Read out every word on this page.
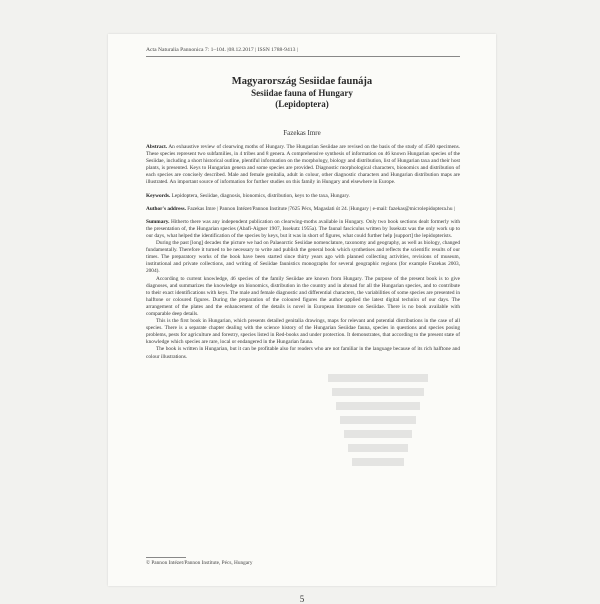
Acta Naturalia Pannonica 7: 1–104. |08.12.2017 | ISSN 1788-9413 |
Magyarország Sesiidae faunája
Sesiidae fauna of Hungary
(Lepidoptera)
Fazekas Imre

Abstract. An exhaustive review of clearwing moths of Hungary. The Hungarian Sesiidae are revised on the basis of the study of 4500 specimens. These species represent two subfamilies, in 4 tribes and 8 genera. A comprehensive synthesis of information on 46 known Hungarian species of the Sesiidae, including a short historical outline, plentiful information on the morphology, biology and distribution, list of Hungarian taxa and their host plants, is presented. Keys to Hungarian genera and some species are provided. Diagnostic morphological characters, bionomics and distribution of each species are concisely described. Male and female genitalia, adult in colour, other diagnostic characters and Hungarian distribution maps are illustrated. An important source of information for further studies on this family in Hungary and elsewhere in Europe.

Keywords. Lepidoptera, Sesiidae, diagnosis, bionomics, distribution, keys to the taxa, Hungary.

Author's address. Fazekas Imre | Pannon Intézet/Pannon Institute |7625 Pécs, Magaslati út 24. |Hungary | e-mail: fazekas@microlepidoptera.hu |

Summary. Hitherto there was any independent publication on clearwing-moths available in Hungary. Only two book sections dealt formerly with the presentation of, the Hungarian species (Abafi-Aigner 1907, Issekutz 1955a). The faunal fasciculus written by Issekutz was the only work up to our days, what helped the identification of the species by keys, but it was in short of figures, what could further help [support] the lepidopterists.

During the past [long] decades the picture we had on Palaearctic Sesiidae nomenclature, taxonomy and geography, as well as biology, changed fundamentally. Therefore it turned to be necessary to write and publish the general book which synthetises and reflects the scientific results of our times. The preparatory works of the book have been started since thirty years ago with planned collecting activities, revisions of museum, institutional and private collections, and writing of Sesiidae faunistics monographs for several geographic regions (for example Fazekas 2003, 2004).

According to current knowledge, 46 species of the family Sesiidae are known from Hungary. The purpose of the present book is to give diagnoses, and summarizes the knowledge on bionomics, distribution in the country and in abroad for all the Hungarian species, and to contribute to their exact identifications with keys. The male and female diagnostic and differential characters, the variabilities of some species are presented in halftone or coloured figures. During the preparation of the coloured figures the author applied the latest digital technics of our days. The arrangement of the plates and the enhancement of the details is novel in European literature on Sesiidae. There is no book available with comparable deep details.

This is the first book in Hungarian, which presents detailed genitalia drawings, maps for relevant and potential distributions in the case of all species. There is a separate chapter dealing with the science history of the Hungarian Sesiidae fauna, species in questions and species posing problems, pests for agriculture and forestry, species listed in Red-books and under protection. It demonstrates, that according to the present state of knowledge which species are rare, local or endangered in the Hungarian fauna.

The book is written in Hungarian, but it can be profitable also for readers who are not familiar in the language because of its rich halftone and colour illustrations.

© Pannon Intézet/Pannon Institute, Pécs, Hungary
5
